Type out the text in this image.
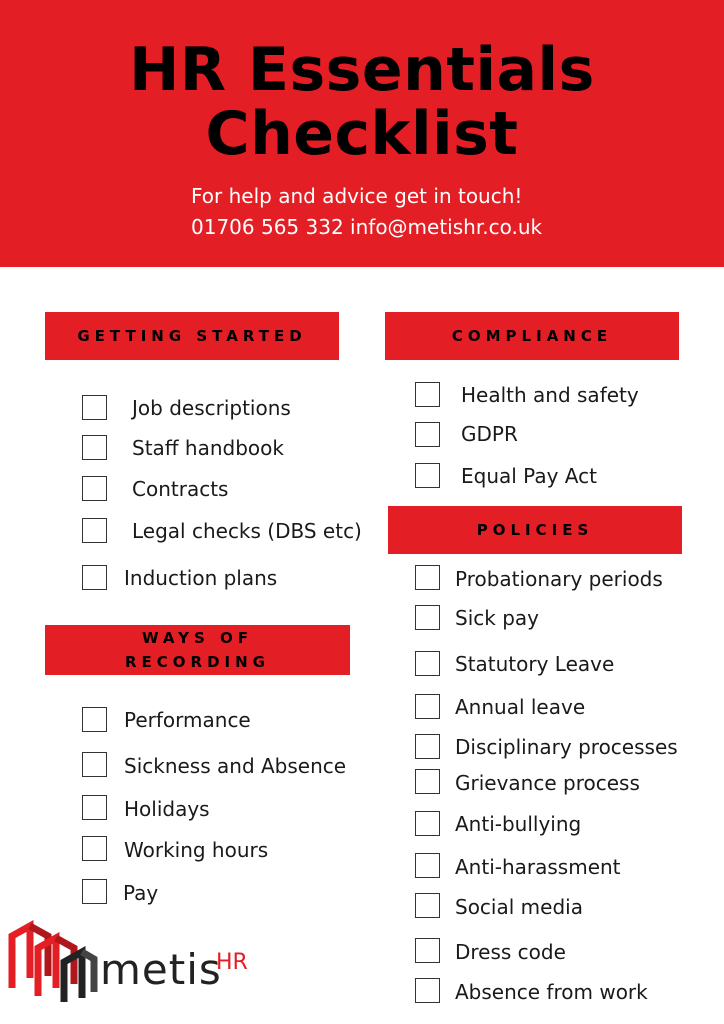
HR Essentials
Checklist
For help and advice get in touch!
01706 565 332 info@metishr.co.uk
GETTING STARTED
Job descriptions
Staff handbook
Contracts
Legal checks (DBS etc)
Induction plans
WAYS OF
RECORDING
Performance
Sickness and Absence
Holidays
Working hours
Pay
COMPLIANCE
Health and safety
GDPR
Equal Pay Act
POLICIES
Probationary periods
Sick pay
Statutory Leave
Annual leave
Disciplinary processes
Grievance process
Anti-bullying
Anti-harassment
Social media
Dress code
Absence from work
metis
HR
